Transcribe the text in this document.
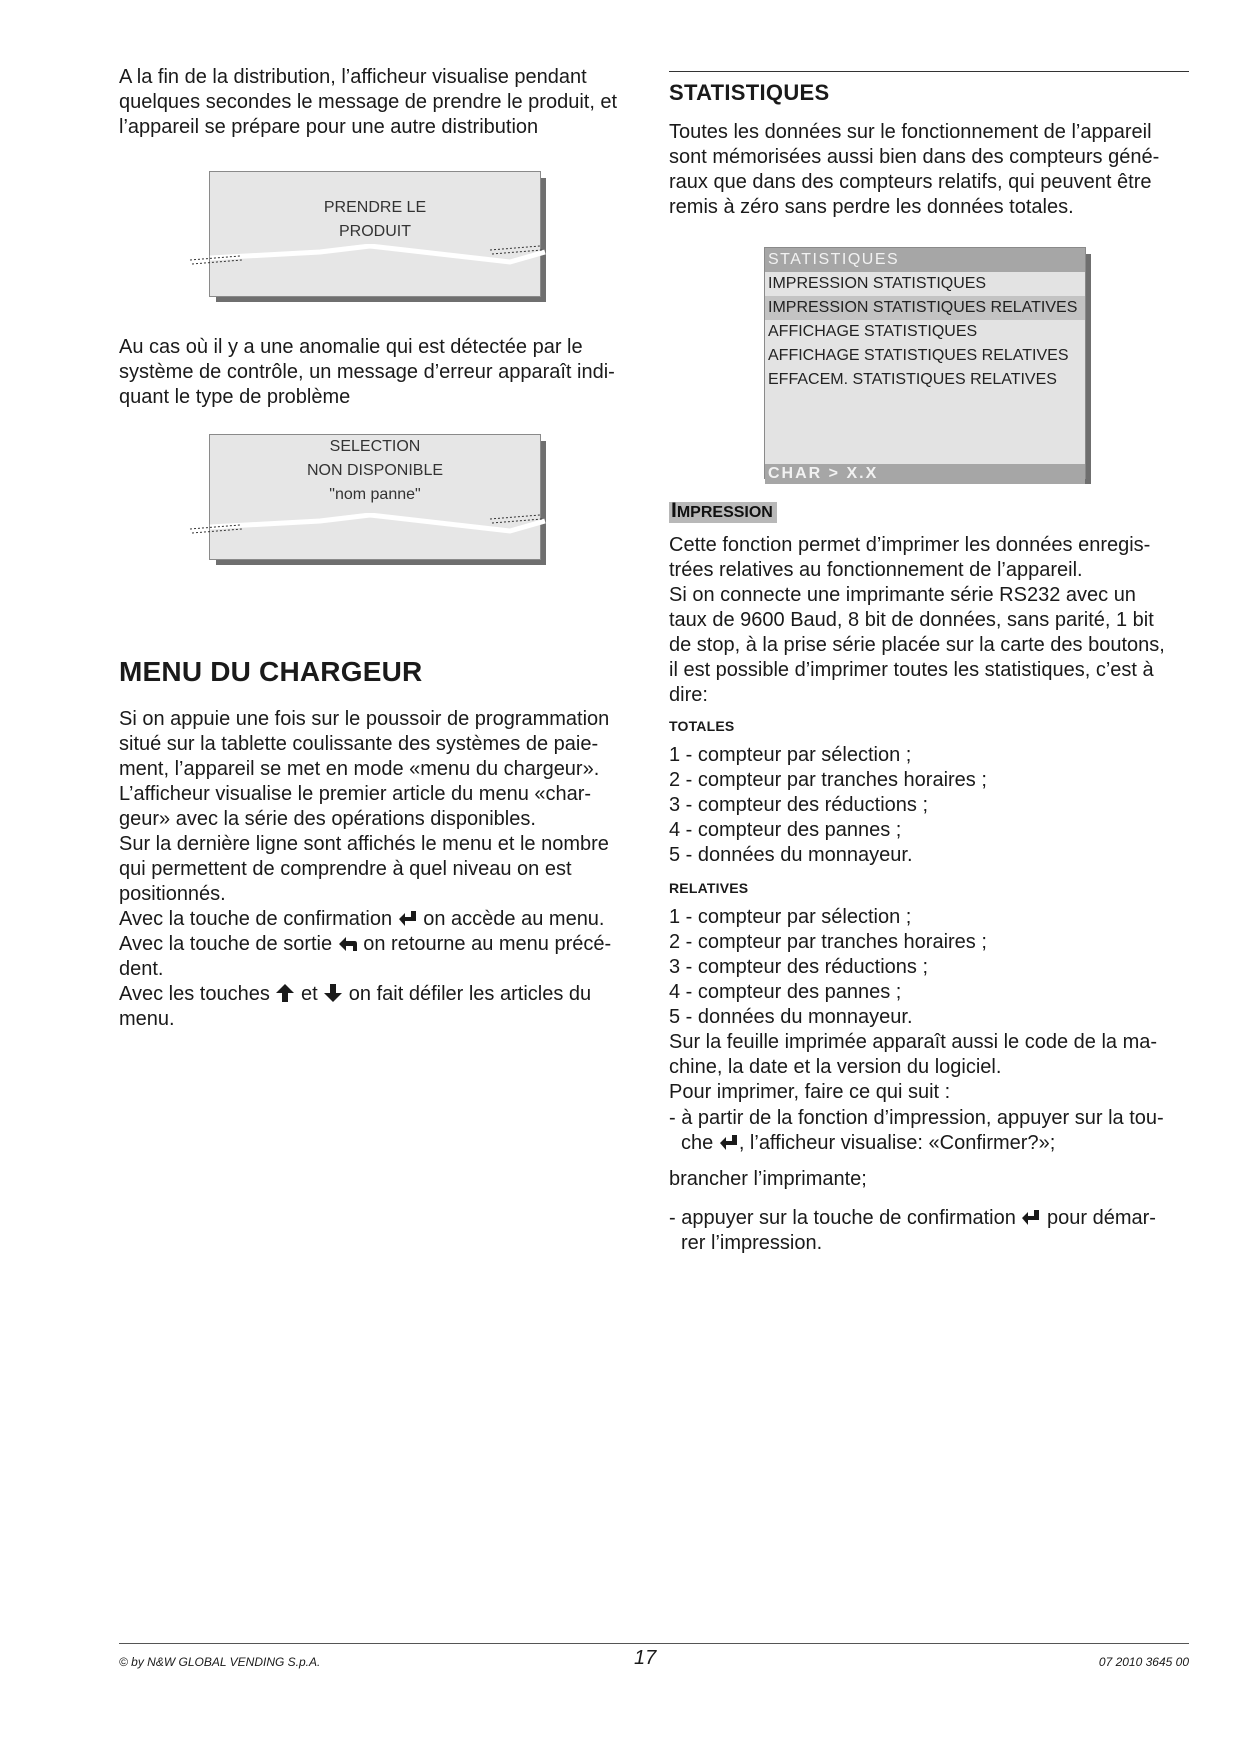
A la fin de la distribution, l’afficheur visualise pendant

quelques secondes le message de prendre le produit, et

l’appareil se prépare pour une autre distribution

PRENDRE LE
PRODUIT

Au cas où il y a une anomalie qui est détectée par le

système de contrôle, un message d’erreur apparaît indi-

quant le type de problème

SELECTION
NON DISPONIBLE
"nom panne"
MENU DU CHARGEUR

Si on appuie une fois sur le poussoir de programmation

situé sur la tablette coulissante des systèmes de paie-

ment, l’appareil se met en mode «menu du chargeur».

L’afficheur visualise le premier article du menu «char-

geur» avec la série des opérations disponibles.

Sur la dernière ligne sont affichés le menu et le nombre

qui permettent de comprendre à quel niveau on est

positionnés.

Avec la touche de confirmation on accède au menu.

Avec la touche de sortie on retourne au menu précé-

dent.

Avec les touches et on fait défiler les articles du

menu.

STATISTIQUES

Toutes les données sur le fonctionnement de l’appareil

sont mémorisées aussi bien dans des compteurs géné-

raux que dans des compteurs relatifs, qui peuvent être

remis à zéro sans perdre les données totales.

STATISTIQUES
IMPRESSION STATISTIQUES
IMPRESSION STATISTIQUES RELATIVES
AFFICHAGE STATISTIQUES
AFFICHAGE STATISTIQUES RELATIVES
EFFACEM. STATISTIQUES RELATIVES
CHAR > X.X
IMPRESSION

Cette fonction permet d’imprimer les données enregis-

trées relatives au fonctionnement de l’appareil.

Si on connecte une imprimante série RS232 avec un

taux de 9600 Baud, 8 bit de données, sans parité, 1 bit

de stop, à la prise série placée sur la carte des boutons,

il est possible d’imprimer toutes les statistiques, c’est à

dire:

TOTALES

1 - compteur par sélection ;

2 - compteur par tranches horaires ;

3 - compteur des réductions ;

4 - compteur des pannes ;

5 - données du monnayeur.

RELATIVES

1 - compteur par sélection ;

2 - compteur par tranches horaires ;

3 - compteur des réductions ;

4 - compteur des pannes ;

5 - données du monnayeur.

Sur la feuille imprimée apparaît aussi le code de la ma-

chine, la date et la version du logiciel.

Pour imprimer, faire ce qui suit :

- à partir de la fonction d’impression, appuyer sur la tou-

che , l’afficheur visualise: «Confirmer?»;

brancher l’imprimante;

- appuyer sur la touche de confirmation pour démar-

rer l’impression.

© by N&W GLOBAL VENDING S.p.A.	17	07 2010 3645 00
